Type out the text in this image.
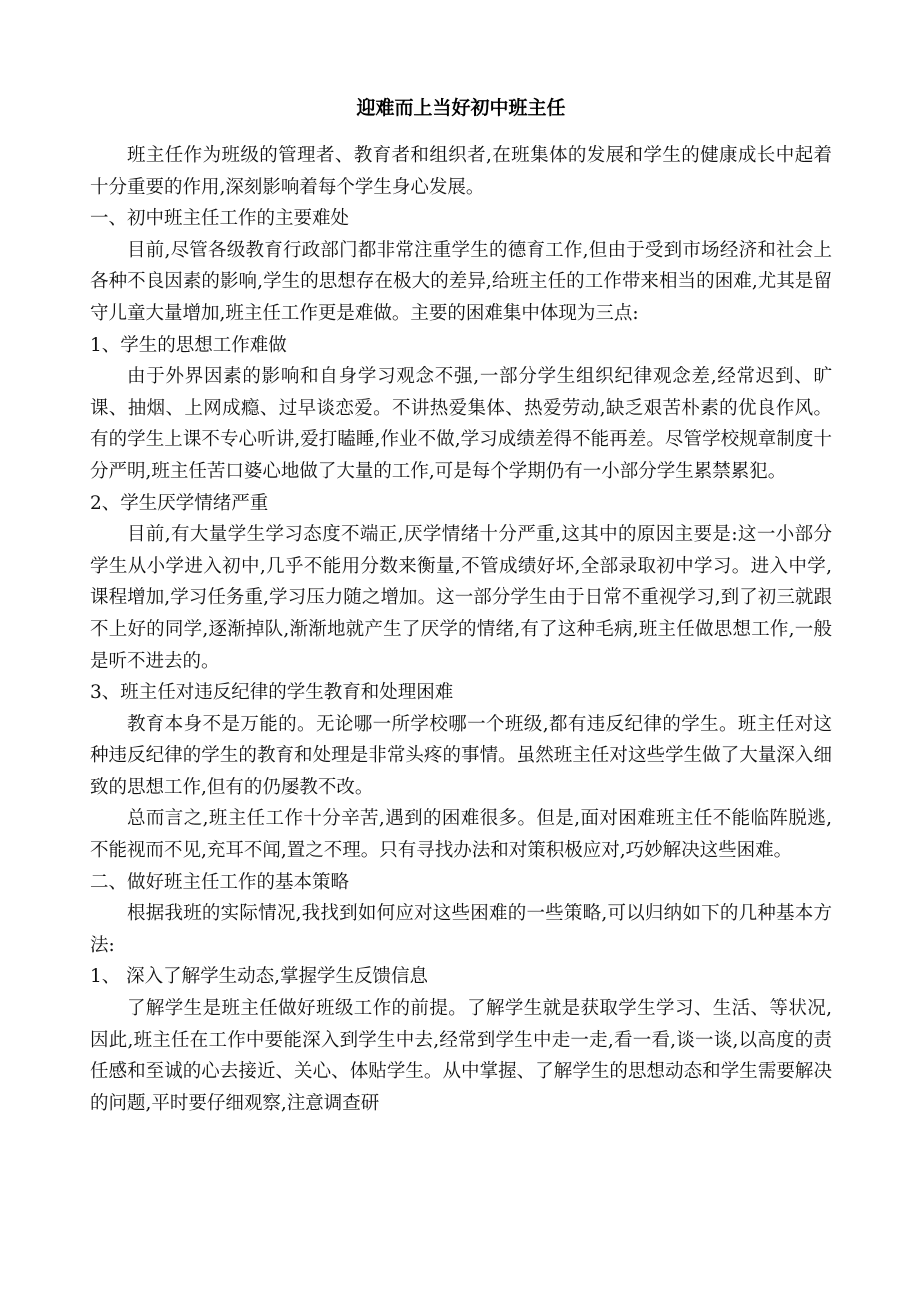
迎难而上当好初中班主任

班主任作为班级的管理者、教育者和组织者,在班集体的发展和学生的健康成长中起着十分重要的作用,深刻影响着每个学生身心发展。

一、初中班主任工作的主要难处

目前,尽管各级教育行政部门都非常注重学生的德育工作,但由于受到市场经济和社会上各种不良因素的影响,学生的思想存在极大的差异,给班主任的工作带来相当的困难,尤其是留守儿童大量增加,班主任工作更是难做。主要的困难集中体现为三点:

1、学生的思想工作难做

由于外界因素的影响和自身学习观念不强,一部分学生组织纪律观念差,经常迟到、旷课、抽烟、上网成瘾、过早谈恋爱。不讲热爱集体、热爱劳动,缺乏艰苦朴素的优良作风。有的学生上课不专心听讲,爱打瞌睡,作业不做,学习成绩差得不能再差。尽管学校规章制度十分严明,班主任苦口婆心地做了大量的工作,可是每个学期仍有一小部分学生累禁累犯。

2、学生厌学情绪严重

目前,有大量学生学习态度不端正,厌学情绪十分严重,这其中的原因主要是:这一小部分学生从小学进入初中,几乎不能用分数来衡量,不管成绩好坏,全部录取初中学习。进入中学,课程增加,学习任务重,学习压力随之增加。这一部分学生由于日常不重视学习,到了初三就跟不上好的同学,逐渐掉队,渐渐地就产生了厌学的情绪,有了这种毛病,班主任做思想工作,一般是听不进去的。

3、班主任对违反纪律的学生教育和处理困难

教育本身不是万能的。无论哪一所学校哪一个班级,都有违反纪律的学生。班主任对这种违反纪律的学生的教育和处理是非常头疼的事情。虽然班主任对这些学生做了大量深入细致的思想工作,但有的仍屡教不改。

总而言之,班主任工作十分辛苦,遇到的困难很多。但是,面对困难班主任不能临阵脱逃,不能视而不见,充耳不闻,置之不理。只有寻找办法和对策积极应对,巧妙解决这些困难。

二、做好班主任工作的基本策略

根据我班的实际情况,我找到如何应对这些困难的一些策略,可以归纳如下的几种基本方法:

1、 深入了解学生动态,掌握学生反馈信息

了解学生是班主任做好班级工作的前提。了解学生就是获取学生学习、生活、等状况,因此,班主任在工作中要能深入到学生中去,经常到学生中走一走,看一看,谈一谈,以高度的责任感和至诚的心去接近、关心、体贴学生。从中掌握、了解学生的思想动态和学生需要解决的问题,平时要仔细观察,注意调查研
